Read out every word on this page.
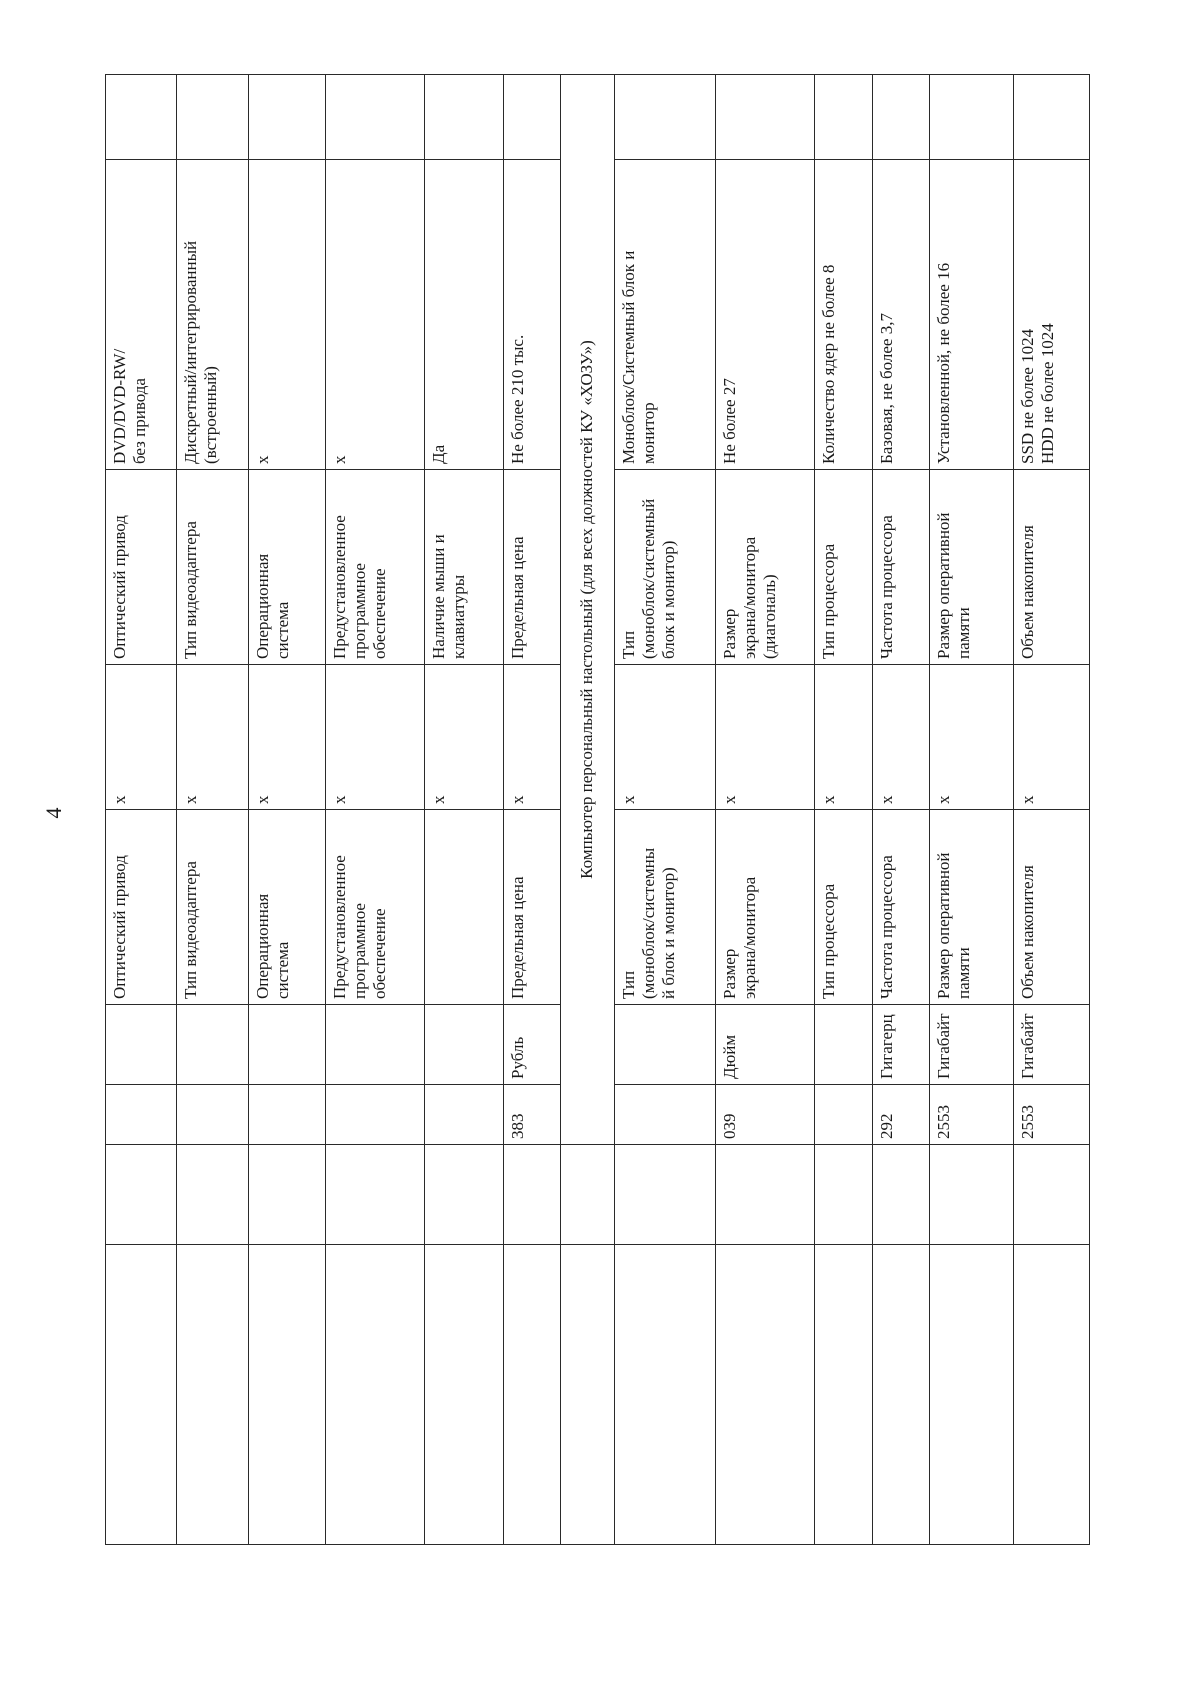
4
				Оптический привод	x	Оптический привод	DVD/DVD-RW/
без привода	
				Тип видеоадаптера	x	Тип видеоадаптера	Дискретный/интегрированный
(встроенный)	
				Операционная
система	x	Операционная
система	x	
				Предустановленное
программное
обеспечение	x	Предустановленное
программное
обеспечение	x	
					x	Наличие мыши и
клавиатуры	Да	
		383	Рубль	Предельная цена	x	Предельная цена	Не более 210 тыс.	
		Компьютер персональный настольный (для всех должностей КУ «ХОЗУ»)						
				Тип
(моноблок/системны
й блок и монитор)	x	Тип
(моноблок/системный
блок и монитор)	Моноблок/Системный блок и
монитор	
		039	Дюйм	Размер
экрана/монитора	x	Размер
экрана/монитора
(диагональ)	Не более 27	
				Тип процессора	x	Тип процессора	Количество ядер не более 8	
		292	Гигагерц	Частота процессора	x	Частота процессора	Базовая, не более 3,7	
		2553	Гигабайт	Размер оперативной
памяти	x	Размер оперативной
памяти	Установленной, не более 16	
		2553	Гигабайт	Объем накопителя	x	Объем накопителя	SSD не более 1024
HDD не более 1024	
